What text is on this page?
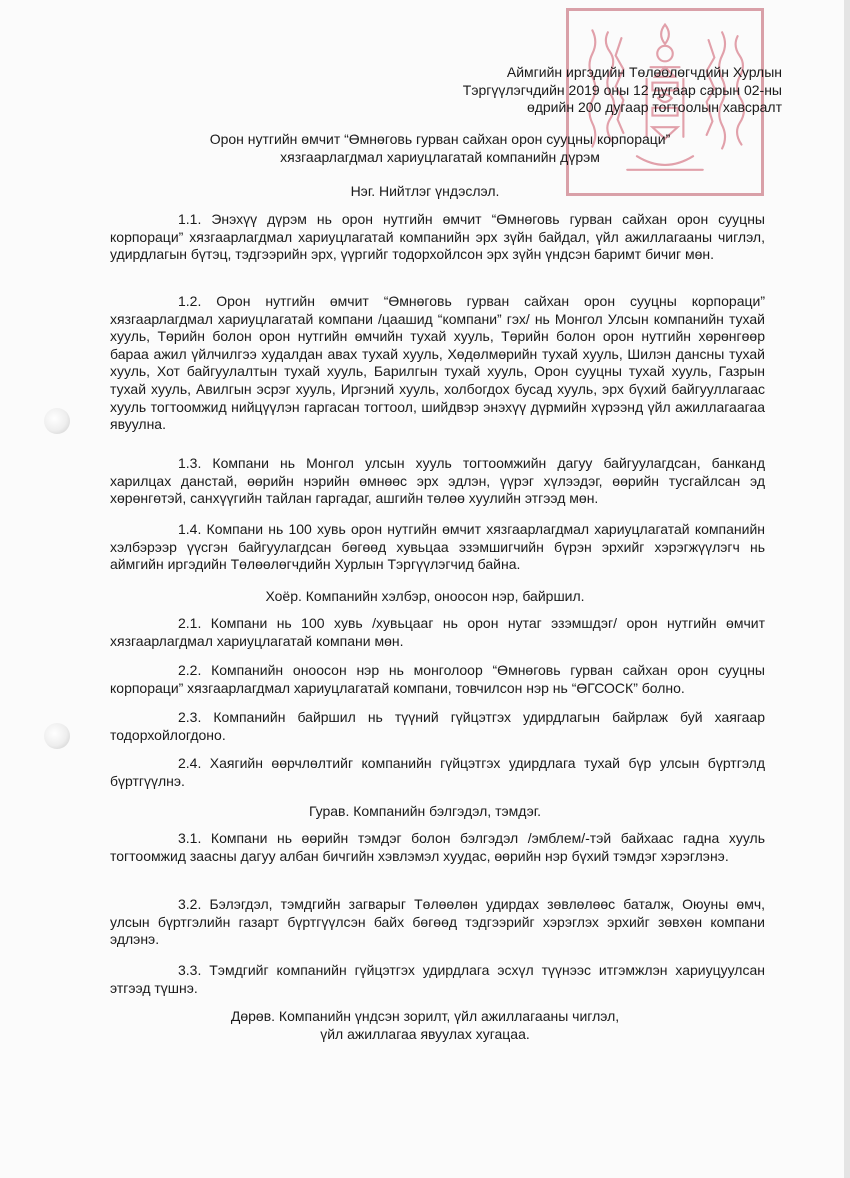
Аймгийн иргэдийн Төлөөлөгчдийн Хурлын
Тэргүүлэгчдийн 2019 оны 12 дугаар сарын 02-ны
өдрийн 200 дугаар тогтоолын хавсралт
Орон нутгийн өмчит “Өмнөговь гурван сайхан орон сууцны корпораци”
хязгаарлагдмал хариуцлагатай компанийн дүрэм
Нэг. Нийтлэг үндэслэл.
1.1. Энэхүү дүрэм нь орон нутгийн өмчит “Өмнөговь гурван сайхан орон сууцны корпораци” хязгаарлагдмал хариуцлагатай компанийн эрх зүйн байдал, үйл ажиллагааны чиглэл, удирдлагын бүтэц, тэдгээрийн эрх, үүргийг тодорхойлсон эрх зүйн үндсэн баримт бичиг мөн.
1.2. Орон нутгийн өмчит “Өмнөговь гурван сайхан орон сууцны корпораци” хязгаарлагдмал хариуцлагатай компани /цаашид “компани” гэх/ нь Монгол Улсын компанийн тухай хууль, Төрийн болон орон нутгийн өмчийн тухай хууль, Төрийн болон орон нутгийн хөрөнгөөр бараа ажил үйлчилгээ худалдан авах тухай хууль, Хөдөлмөрийн тухай хууль, Шилэн дансны тухай хууль, Хот байгуулалтын тухай хууль, Барилгын тухай хууль, Орон сууцны тухай хууль, Газрын тухай хууль, Авилгын эсрэг хууль, Иргэний хууль, холбогдох бусад хууль, эрх бүхий байгууллагаас хууль тогтоомжид нийцүүлэн гаргасан тогтоол, шийдвэр энэхүү дүрмийн хүрээнд үйл ажиллагаагаа явуулна.
1.3. Компани нь Монгол улсын хууль тогтоомжийн дагуу байгуулагдсан, банканд харилцах данстай, өөрийн нэрийн өмнөөс эрх эдлэн, үүрэг хүлээдэг, өөрийн тусгайлсан эд хөрөнгөтэй, санхүүгийн тайлан гаргадаг, ашгийн төлөө хуулийн этгээд мөн.
1.4. Компани нь 100 хувь орон нутгийн өмчит хязгаарлагдмал хариуцлагатай компанийн хэлбэрээр үүсгэн байгуулагдсан бөгөөд хувьцаа эзэмшигчийн бүрэн эрхийг хэрэгжүүлэгч нь аймгийн иргэдийн Төлөөлөгчдийн Хурлын Тэргүүлэгчид байна.
Хоёр. Компанийн хэлбэр, оноосон нэр, байршил.
2.1. Компани нь 100 хувь /хувьцааг нь орон нутаг эзэмшдэг/ орон нутгийн өмчит хязгаарлагдмал хариуцлагатай компани мөн.
2.2. Компанийн оноосон нэр нь монголоор “Өмнөговь гурван сайхан орон сууцны корпораци” хязгаарлагдмал хариуцлагатай компани, товчилсон нэр нь “ӨГСОСК” болно.
2.3. Компанийн байршил нь түүний гүйцэтгэх удирдлагын байрлаж буй хаягаар тодорхойлогдоно.
2.4. Хаягийн өөрчлөлтийг компанийн гүйцэтгэх удирдлага тухай бүр улсын бүртгэлд бүртгүүлнэ.
Гурав. Компанийн бэлгэдэл, тэмдэг.
3.1. Компани нь өөрийн тэмдэг болон бэлгэдэл /эмблем/-тэй байхаас гадна хууль тогтоомжид заасны дагуу албан бичгийн хэвлэмэл хуудас, өөрийн нэр бүхий тэмдэг хэрэглэнэ.
3.2. Бэлэгдэл, тэмдгийн загварыг Төлөөлөн удирдах зөвлөлөөс баталж, Оюуны өмч, улсын бүртгэлийн газарт бүртгүүлсэн байх бөгөөд тэдгээрийг хэрэглэх эрхийг зөвхөн компани эдлэнэ.
3.3. Тэмдгийг компанийн гүйцэтгэх удирдлага эсхүл түүнээс итгэмжлэн хариуцуулсан этгээд түшнэ.
Дөрөв. Компанийн үндсэн зорилт, үйл ажиллагааны чиглэл,
үйл ажиллагаа явуулах хугацаа.
